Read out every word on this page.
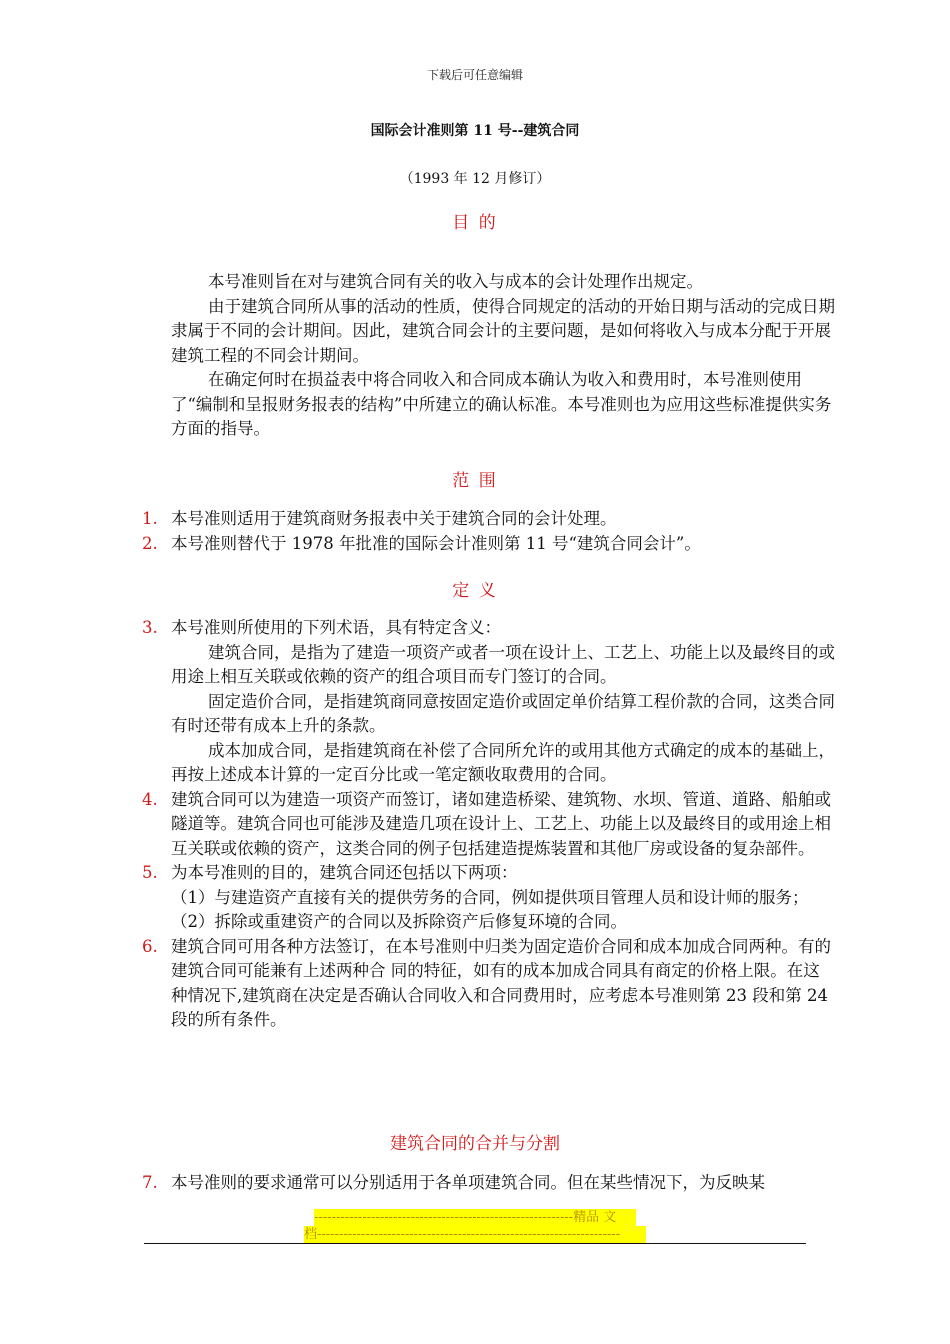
下载后可任意编辑
国际会计准则第 11 号--建筑合同
（1993 年 12 月修订）
目 的

本号准则旨在对与建筑合同有关的收入与成本的会计处理作出规定。

由于建筑合同所从事的活动的性质，使得合同规定的活动的开始日期与活动的完成日期隶属于不同的会计期间。因此，建筑合同会计的主要问题，是如何将收入与成本分配于开展建筑工程的不同会计期间。

在确定何时在损益表中将合同收入和合同成本确认为收入和费用时，本号准则使用了“编制和呈报财务报表的结构”中所建立的确认标准。本号准则也为应用这些标准提供实务方面的指导。

范 围

1. 本号准则适用于建筑商财务报表中关于建筑合同的会计处理。

2. 本号准则替代于 1978 年批准的国际会计准则第 11 号“建筑合同会计”。

定 义

3. 本号准则所使用的下列术语，具有特定含义：

建筑合同，是指为了建造一项资产或者一项在设计上、工艺上、功能上以及最终目的或用途上相互关联或依赖的资产的组合项目而专门签订的合同。

固定造价合同，是指建筑商同意按固定造价或固定单价结算工程价款的合同，这类合同有时还带有成本上升的条款。

成本加成合同，是指建筑商在补偿了合同所允许的或用其他方式确定的成本的基础上，再按上述成本计算的一定百分比或一笔定额收取费用的合同。

4. 建筑合同可以为建造一项资产而签订，诸如建造桥梁、建筑物、水坝、管道、道路、船舶或隧道等。建筑合同也可能涉及建造几项在设计上、工艺上、功能上以及最终目的或用途上相互关联或依赖的资产，这类合同的例子包括建造提炼装置和其他厂房或设备的复杂部件。

5. 为本号准则的目的，建筑合同还包括以下两项：

（1）与建造资产直接有关的提供劳务的合同，例如提供项目管理人员和设计师的服务；

（2）拆除或重建资产的合同以及拆除资产后修复环境的合同。

6. 建筑合同可用各种方法签订，在本号准则中归类为固定造价合同和成本加成合同两种。有的建筑合同可能兼有上述两种合 同的特征，如有的成本加成合同具有商定的价格上限。在这种情况下,建筑商在决定是否确认合同收入和合同费用时，应考虑本号准则第 23 段和第 24 段的所有条件。

建筑合同的合并与分割

7. 本号准则的要求通常可以分别适用于各单项建筑合同。但在某些情况下，为反映某

-----------------------------------------------------------精品 文
档---------------------------------------------------------------------
